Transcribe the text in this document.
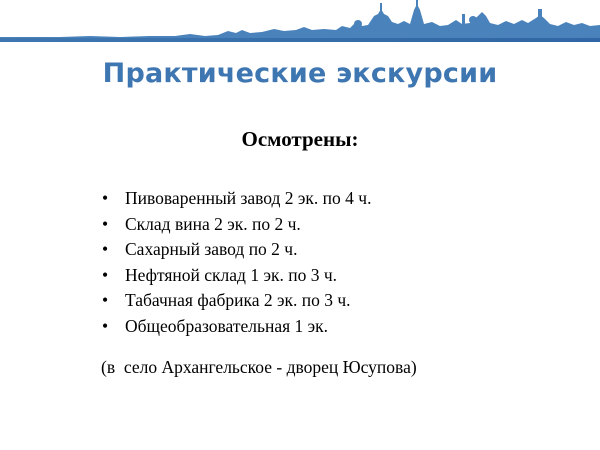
Практические экскурсии
Осмотрены:
• Пивоваренный завод 2 эк. по 4 ч.
• Склад вина 2 эк. по 2 ч.
• Сахарный завод по 2 ч.
• Нефтяной склад 1 эк. по 3 ч.
• Табачная фабрика 2 эк. по 3 ч.
• Общеобразовательная 1 эк.
(в  село Архангельское - дворец Юсупова)
